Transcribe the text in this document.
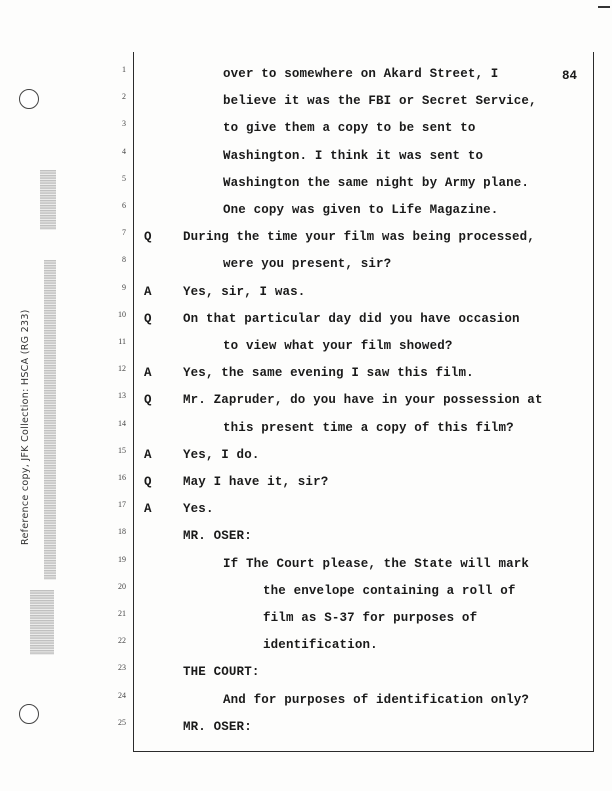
Reference copy, JFK Collection: HSCA (RG 233)
84
1	over to somewhere on Akard Street, I
2	believe it was the FBI or Secret Service,
3	to give them a copy to be sent to
4	Washington. I think it was sent to
5	Washington the same night by Army plane.
6	One copy was given to Life Magazine.
7 Q	During the time your film was being processed,
8	were you present, sir?
9 A	Yes, sir, I was.
10 Q	On that particular day did you have occasion
11	to view what your film showed?
12 A	Yes, the same evening I saw this film.
13 Q	Mr. Zapruder, do you have in your possession at
14	this present time a copy of this film?
15 A	Yes, I do.
16 Q	May I have it, sir?
17 A	Yes.
18	MR. OSER:
19	If The Court please, the State will mark
20	the envelope containing a roll of
21	film as S-37 for purposes of
22	identification.
23	THE COURT:
24	And for purposes of identification only?
25	MR. OSER:
